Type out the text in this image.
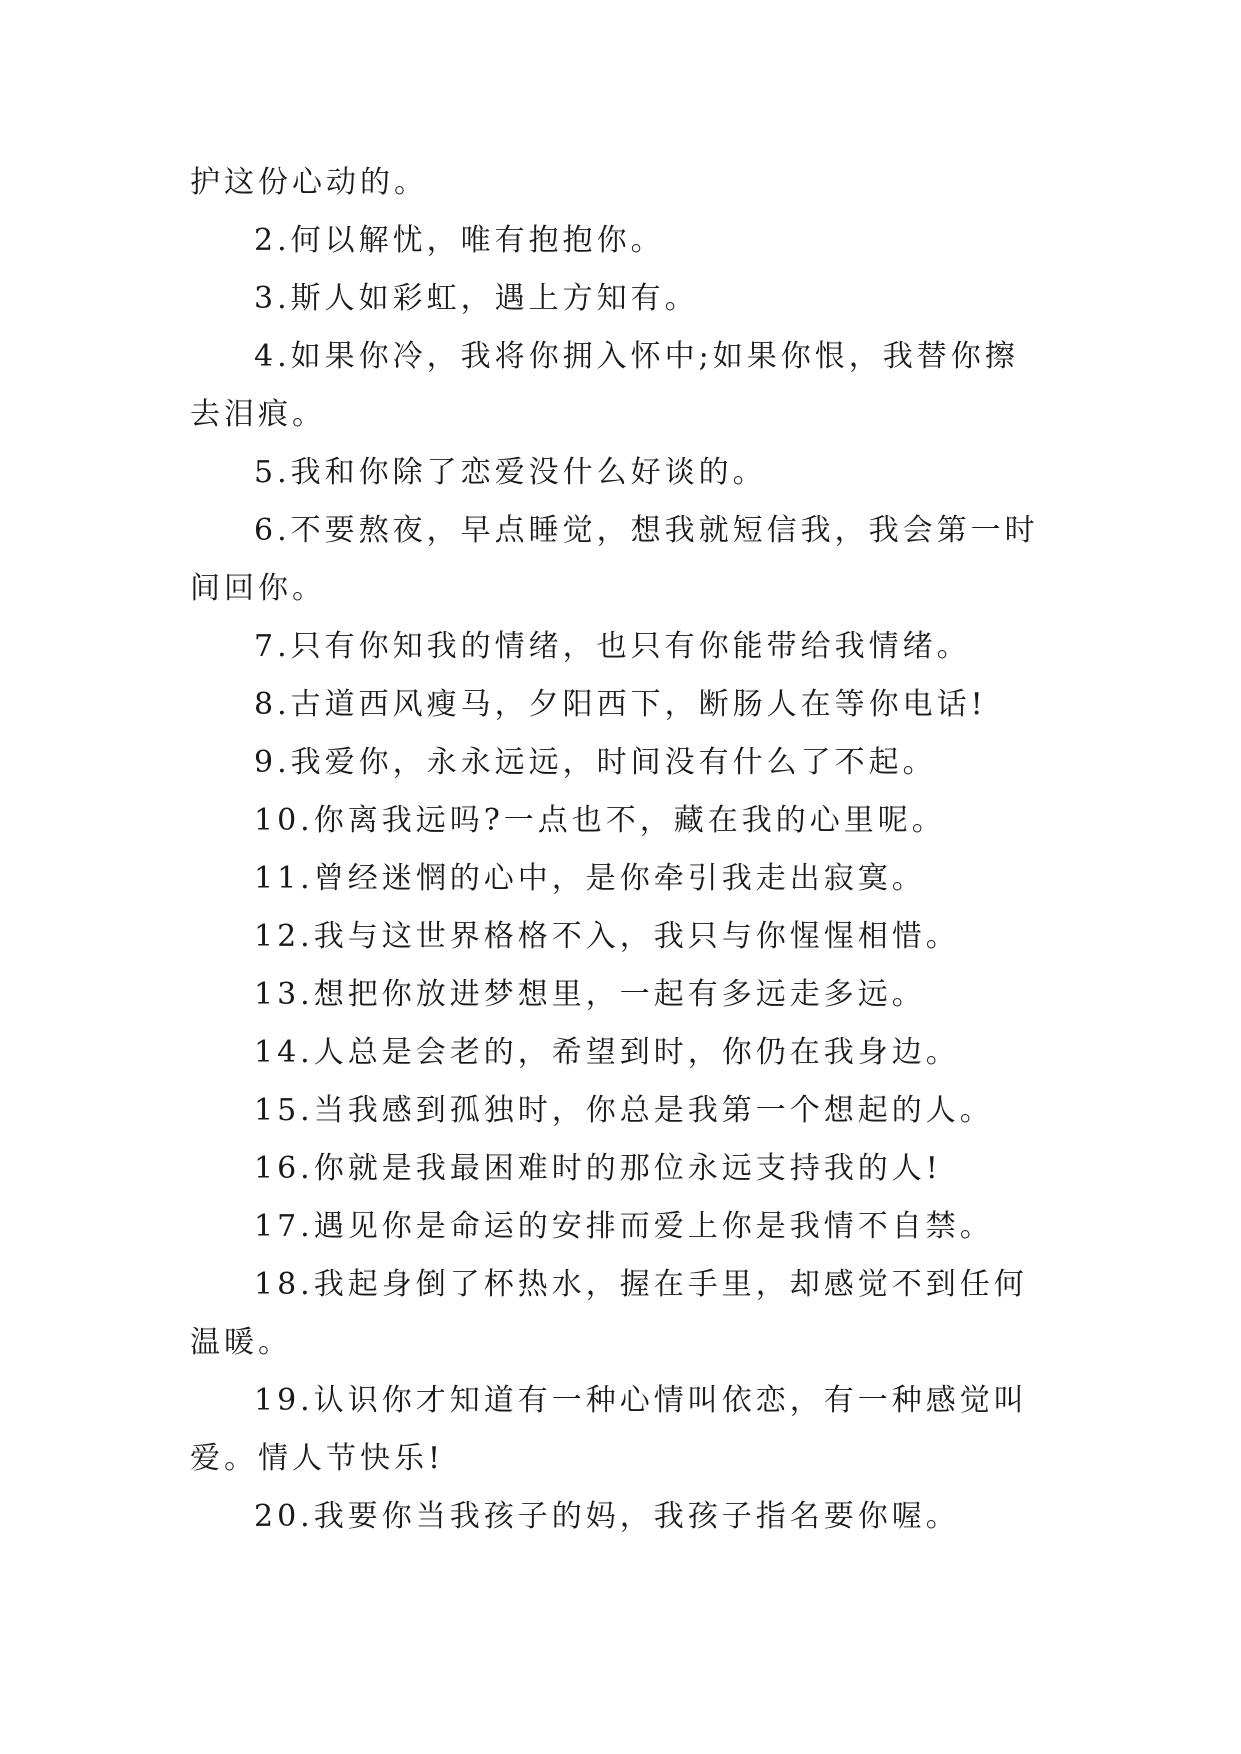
护这份心动的。

2.何以解忧，唯有抱抱你。

3.斯人如彩虹，遇上方知有。

4.如果你冷，我将你拥入怀中;如果你恨，我替你擦去泪痕。

5.我和你除了恋爱没什么好谈的。

6.不要熬夜，早点睡觉，想我就短信我，我会第一时间回你。

7.只有你知我的情绪，也只有你能带给我情绪。

8.古道西风瘦马，夕阳西下，断肠人在等你电话!

9.我爱你，永永远远，时间没有什么了不起。

10.你离我远吗?一点也不，藏在我的心里呢。

11.曾经迷惘的心中，是你牵引我走出寂寞。

12.我与这世界格格不入，我只与你惺惺相惜。

13.想把你放进梦想里，一起有多远走多远。

14.人总是会老的，希望到时，你仍在我身边。

15.当我感到孤独时，你总是我第一个想起的人。

16.你就是我最困难时的那位永远支持我的人!

17.遇见你是命运的安排而爱上你是我情不自禁。

18.我起身倒了杯热水，握在手里，却感觉不到任何温暖。

19.认识你才知道有一种心情叫依恋，有一种感觉叫爱。情人节快乐!

20.我要你当我孩子的妈，我孩子指名要你喔。
